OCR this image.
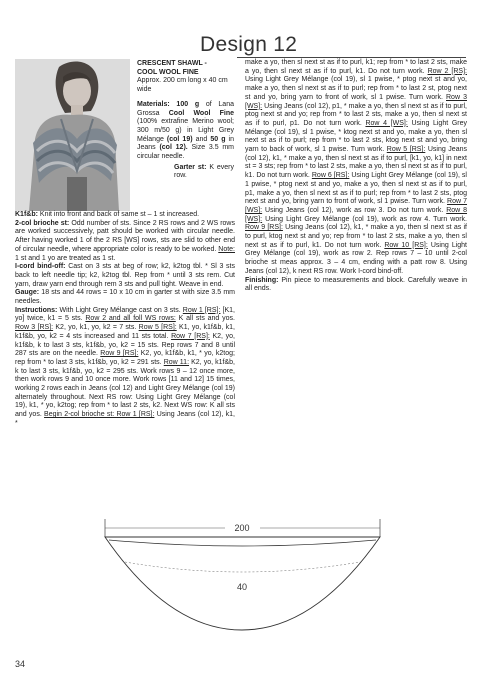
Design 12

CRESCENT SHAWL -

COOL WOOL FINE

Approx. 200 cm long x 40 cm wide

Materials: 100 g of Lana Grossa Cool Wool Fine (100% extrafine Merino wool; 300 m/50 g) in Light Grey Mélange (col 19) and 50 g in Jeans (col 12). Size 3.5 mm circular needle.

Garter st: K every row.

K1f&b: Knit into front and back of same st – 1 st increased.

2-col brioche st: Odd number of sts. Since 2 RS rows and 2 WS rows are worked successively, patt should be worked with circular needle. After having worked 1 of the 2 RS [WS] rows, sts are slid to other end of circular needle, where appropriate color is ready to be worked. Note: 1 st and 1 yo are treated as 1 st.

I-cord bind-off: Cast on 3 sts at beg of row; k2, k2tog tbl. * Sl 3 sts back to left needle tip; k2, k2tog tbl. Rep from * until 3 sts rem. Cut yarn, draw yarn end through rem 3 sts and pull tight. Weave in end.

Gauge: 18 sts and 44 rows = 10 x 10 cm in garter st with size 3.5 mm needles.

Instructions: With Light Grey Mélange cast on 3 sts. Row 1 [RS]: [K1, yo] twice, k1 = 5 sts. Row 2 and all foll WS rows: K all sts and yos. Row 3 [RS]: K2, yo, k1, yo, k2 = 7 sts. Row 5 [RS]: K1, yo, k1f&b, k1, k1f&b, yo, k2 = 4 sts increased and 11 sts total. Row 7 [RS]: K2, yo, k1f&b, k to last 3 sts, k1f&b, yo, k2 = 15 sts. Rep rows 7 and 8 until 287 sts are on the needle. Row 9 [RS]: K2, yo, k1f&b, k1, * yo, k2tog; rep from * to last 3 sts, k1f&b, yo, k2 = 291 sts. Row 11: K2, yo, k1f&b, k to last 3 sts, k1f&b, yo, k2 = 295 sts. Work rows 9 – 12 once more, then work rows 9 and 10 once more. Work rows [11 and 12] 15 times, working 2 rows each in Jeans (col 12) and Light Grey Mélange (col 19) alternately throughout. Next RS row: Using Light Grey Mélange (col 19), k1, * yo, k2tog; rep from * to last 2 sts, k2. Next WS row: K all sts and yos. Begin 2-col brioche st: Row 1 [RS]: Using Jeans (col 12), k1, *

make a yo, then sl next st as if to purl, k1; rep from * to last 2 sts, make a yo, then sl next st as if to purl, k1. Do not turn work. Row 2 [RS]: Using Light Grey Mélange (col 19), sl 1 pwise, * ptog next st and yo, make a yo, then sl next st as if to purl; rep from * to last 2 st, ptog next st and yo, bring yarn to front of work, sl 1 pwise. Turn work. Row 3 [WS]: Using Jeans (col 12), p1, * make a yo, then sl next st as if to purl, ptog next st and yo; rep from * to last 2 sts, make a yo, then sl next st as if to purl, p1. Do not turn work. Row 4 [WS]: Using Light Grey Mélange (col 19), sl 1 pwise, * ktog next st and yo, make a yo, then sl next st as if to purl; rep from * to last 2 sts, ktog next st and yo, bring yarn to back of work, sl 1 pwise. Turn work. Row 5 [RS]: Using Jeans (col 12), k1, * make a yo, then sl next st as if to purl, [k1, yo, k1] in next st = 3 sts; rep from * to last 2 sts, make a yo, then sl next st as if to purl, k1. Do not turn work. Row 6 [RS]: Using Light Grey Mélange (col 19), sl 1 pwise, * ptog next st and yo, make a yo, then sl next st as if to purl, p1, make a yo, then sl next st as if to purl; rep from * to last 2 sts, ptog next st and yo, bring yarn to front of work, sl 1 pwise. Turn work. Row 7 [WS]: Using Jeans (col 12), work as row 3. Do not turn work. Row 8 [WS]: Using Light Grey Mélange (col 19), work as row 4. Turn work. Row 9 [RS]: Using Jeans (col 12), k1, * make a yo, then sl next st as if to purl, ktog next st and yo; rep from * to last 2 sts, make a yo, then sl next st as if to purl, k1. Do not turn work. Row 10 [RS]: Using Light Grey Mélange (col 19), work as row 2. Rep rows 7 – 10 until 2-col brioche st meas approx. 3 – 4 cm, ending with a patt row 8. Using Jeans (col 12), k next RS row. Work I-cord bind-off.

Finishing: Pin piece to measurements and block. Carefully weave in all ends.

200
40
34
